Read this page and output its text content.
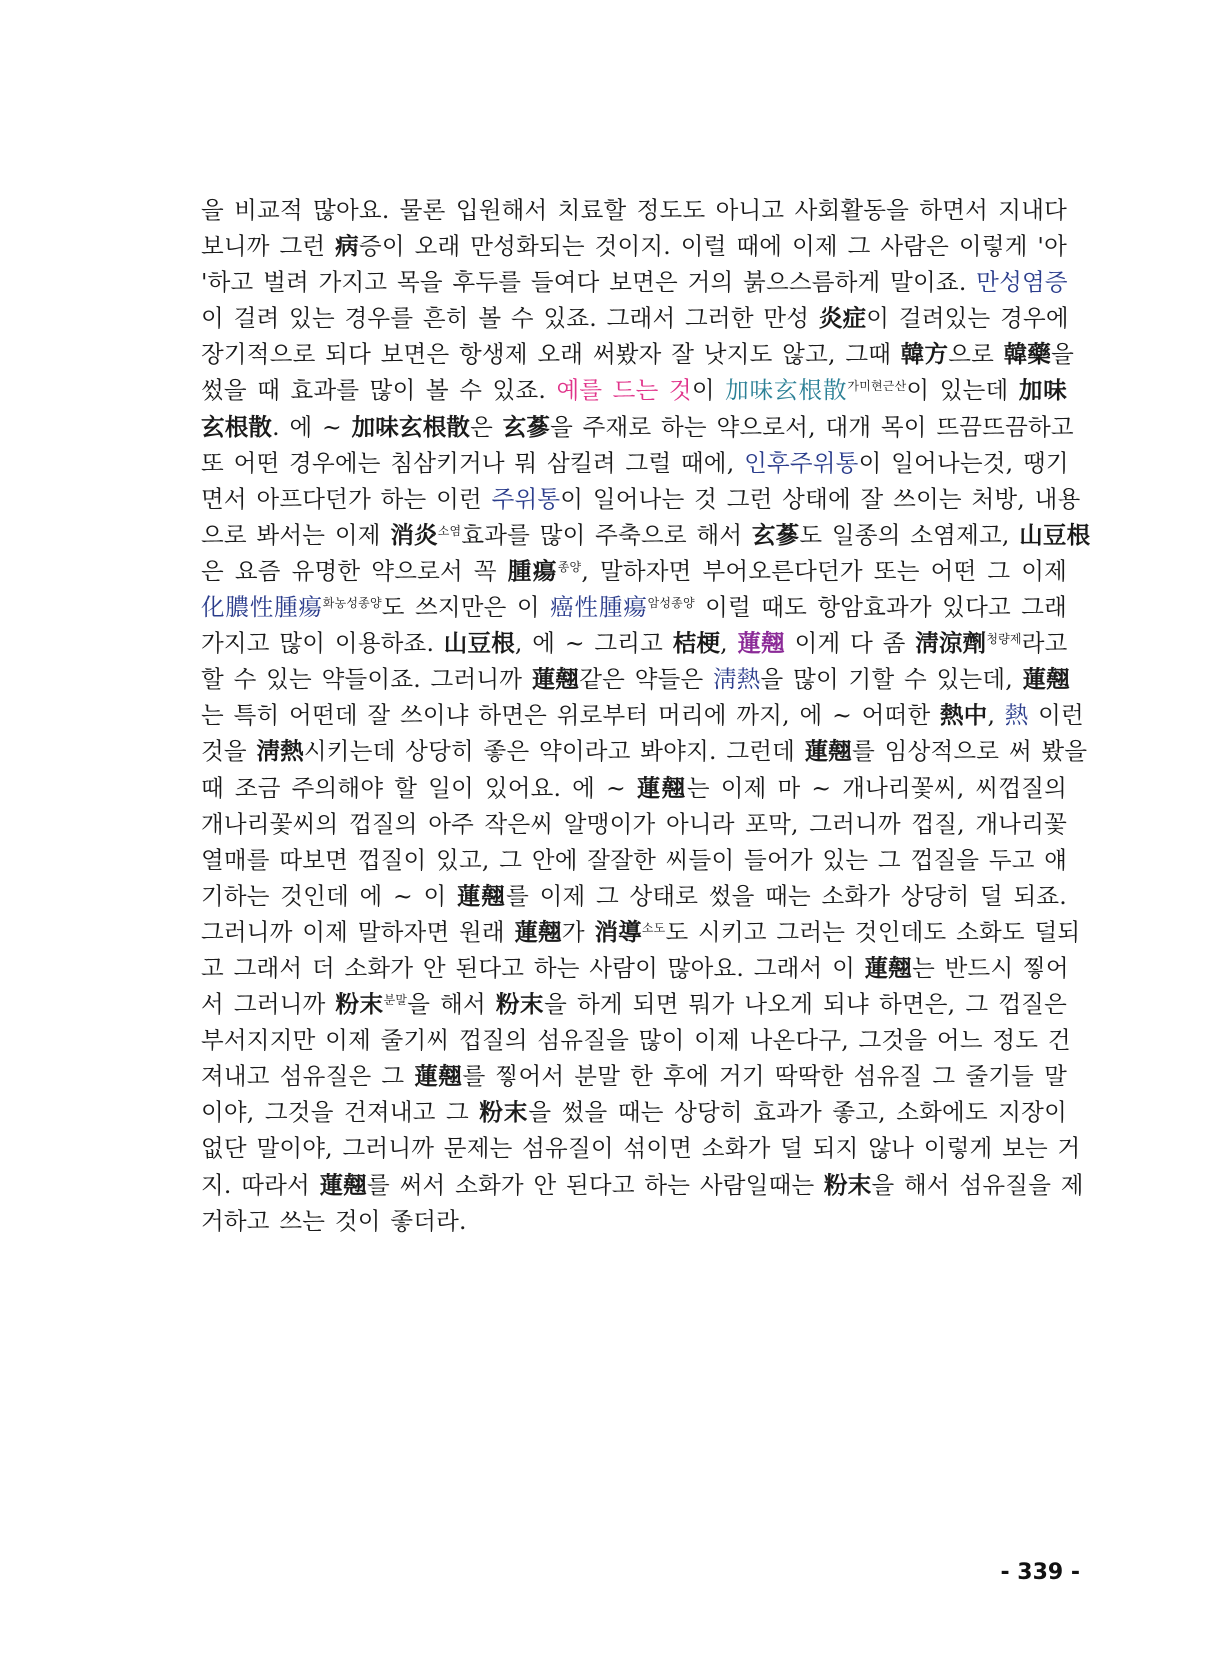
을 비교적 많아요. 물론 입원해서 치료할 정도도 아니고 사회활동을 하면서 지내다
보니까 그런 病증이 오래 만성화되는 것이지. 이럴 때에 이제 그 사람은 이렇게 '아
'하고 벌려 가지고 목을 후두를 들여다 보면은 거의 붉으스름하게 말이죠. 만성염증
이 걸려 있는 경우를 흔히 볼 수 있죠. 그래서 그러한 만성 炎症이 걸려있는 경우에
장기적으로 되다 보면은 항생제 오래 써봤자 잘 낫지도 않고, 그때 韓方으로 韓藥을
썼을 때 효과를 많이 볼 수 있죠. 예를 드는 것이 加味玄根散$^{가미현근산}$이 있는데 加味
玄根散. 에 ~ 加味玄根散은 玄蔘을 주재로 하는 약으로서, 대개 목이 뜨끔뜨끔하고
또 어떤 경우에는 침삼키거나 뭐 삼킬려 그럴 때에, 인후주위통이 일어나는것, 땡기
면서 아프다던가 하는 이런 주위통이 일어나는 것 그런 상태에 잘 쓰이는 처방, 내용
으로 봐서는 이제 消炎$^{소염}$효과를 많이 주축으로 해서 玄蔘도 일종의 소염제고, 山豆根
은 요즘 유명한 약으로서 꼭 腫瘍$^{종양}$, 말하자면 부어오른다던가 또는 어떤 그 이제
化膿性腫瘍$^{화농성종양}$도 쓰지만은 이 癌性腫瘍$^{암성종양}$ 이럴 때도 항암효과가 있다고 그래
가지고 많이 이용하죠. 山豆根, 에 ~ 그리고 桔梗, 蓮翹 이게 다 좀 淸涼劑$^{청량제}$라고
할 수 있는 약들이죠. 그러니까 蓮翹같은 약들은 淸熱을 많이 기할 수 있는데, 蓮翹
는 특히 어떤데 잘 쓰이냐 하면은 위로부터 머리에 까지, 에 ~ 어떠한 熱中, 熱 이런
것을 淸熱시키는데 상당히 좋은 약이라고 봐야지. 그런데 蓮翹를 임상적으로 써 봤을
때 조금 주의해야 할 일이 있어요. 에 ~ 蓮翹는 이제 마 ~ 개나리꽃씨, 씨껍질의
개나리꽃씨의 껍질의 아주 작은씨 알맹이가 아니라 포막, 그러니까 껍질, 개나리꽃
열매를 따보면 껍질이 있고, 그 안에 잘잘한 씨들이 들어가 있는 그 껍질을 두고 얘
기하는 것인데 에 ~ 이 蓮翹를 이제 그 상태로 썼을 때는 소화가 상당히 덜 되죠.
그러니까 이제 말하자면 원래 蓮翹가 消導$^{소도}$도 시키고 그러는 것인데도 소화도 덜되
고 그래서 더 소화가 안 된다고 하는 사람이 많아요. 그래서 이 蓮翹는 반드시 찧어
서 그러니까 粉末$^{분말}$을 해서 粉末을 하게 되면 뭐가 나오게 되냐 하면은, 그 껍질은
부서지지만 이제 줄기씨 껍질의 섬유질을 많이 이제 나온다구, 그것을 어느 정도 건
져내고 섬유질은 그 蓮翹를 찧어서 분말 한 후에 거기 딱딱한 섬유질 그 줄기들 말
이야, 그것을 건져내고 그 粉末을 썼을 때는 상당히 효과가 좋고, 소화에도 지장이
없단 말이야, 그러니까 문제는 섬유질이 섞이면 소화가 덜 되지 않나 이렇게 보는 거
지. 따라서 蓮翹를 써서 소화가 안 된다고 하는 사람일때는 粉末을 해서 섬유질을 제
거하고 쓰는 것이 좋더라.
- 339 -
